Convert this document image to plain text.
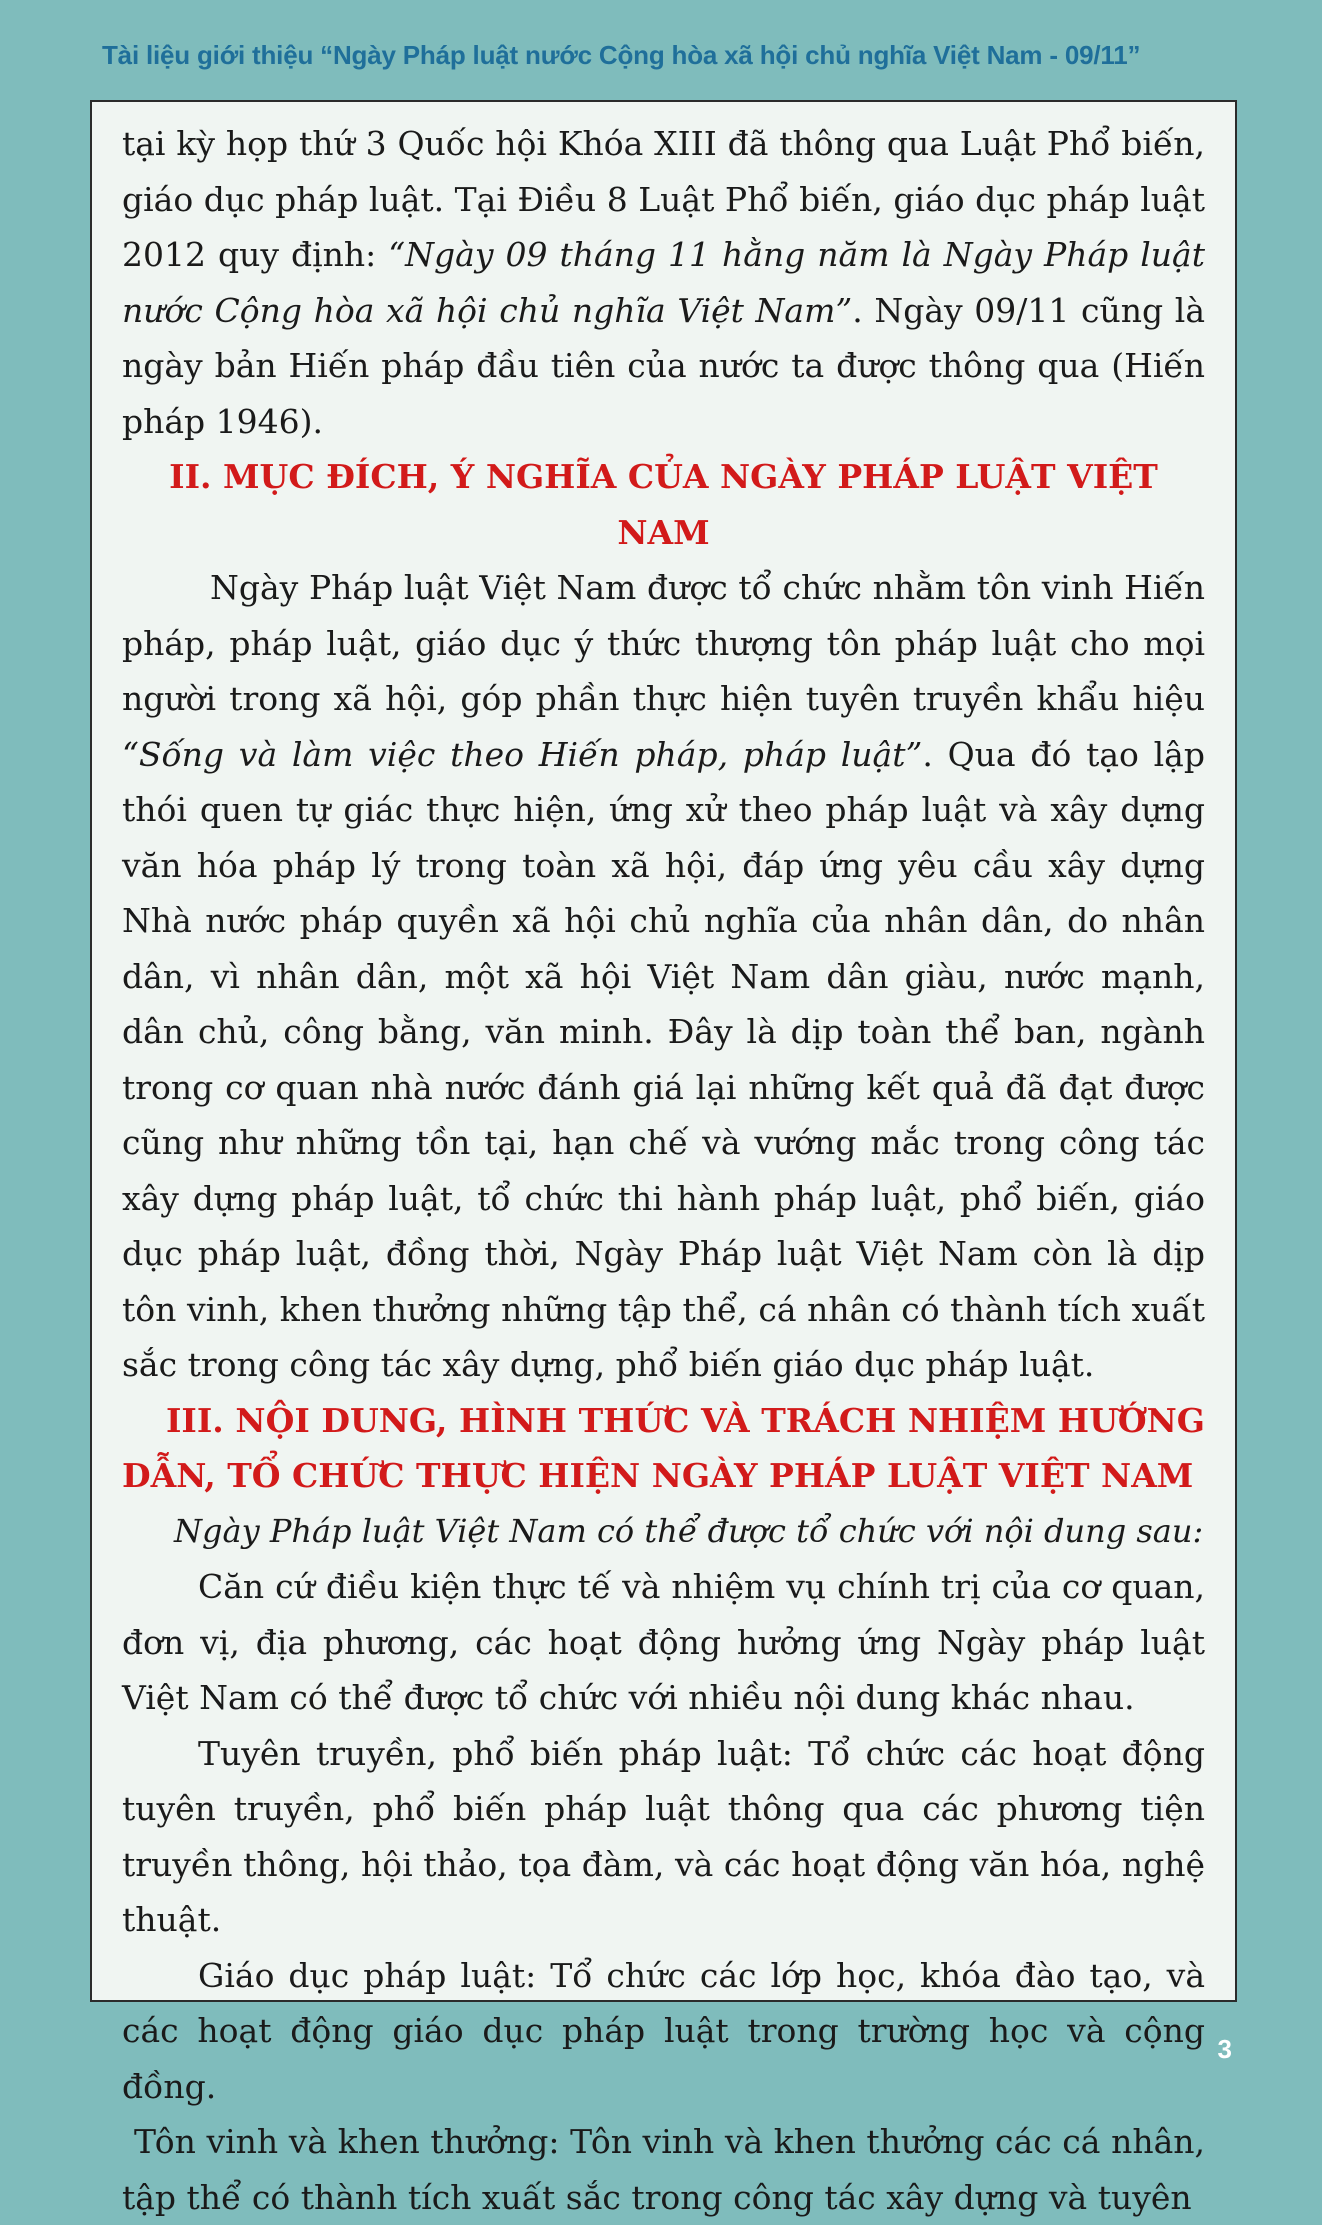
Tài liệu giới thiệu “Ngày Pháp luật nước Cộng hòa xã hội chủ nghĩa Việt Nam - 09/11”

tại kỳ họp thứ 3 Quốc hội Khóa XIII đã thông qua Luật Phổ biến, giáo dục pháp luật. Tại Điều 8 Luật Phổ biến, giáo dục pháp luật 2012 quy định: “Ngày 09 tháng 11 hằng năm là Ngày Pháp luật nước Cộng hòa xã hội chủ nghĩa Việt Nam”. Ngày 09/11 cũng là ngày bản Hiến pháp đầu tiên của nước ta được thông qua (Hiến pháp 1946).

II. MỤC ĐÍCH, Ý NGHĨA CỦA NGÀY PHÁP LUẬT VIỆT NAM

Ngày Pháp luật Việt Nam được tổ chức nhằm tôn vinh Hiến pháp, pháp luật, giáo dục ý thức thượng tôn pháp luật cho mọi người trong xã hội, góp phần thực hiện tuyên truyền khẩu hiệu “Sống và làm việc theo Hiến pháp, pháp luật”. Qua đó tạo lập thói quen tự giác thực hiện, ứng xử theo pháp luật và xây dựng văn hóa pháp lý trong toàn xã hội, đáp ứng yêu cầu xây dựng Nhà nước pháp quyền xã hội chủ nghĩa của nhân dân, do nhân dân, vì nhân dân, một xã hội Việt Nam dân giàu, nước mạnh, dân chủ, công bằng, văn minh. Đây là dịp toàn thể ban, ngành trong cơ quan nhà nước đánh giá lại những kết quả đã đạt được cũng như những tồn tại, hạn chế và vướng mắc trong công tác xây dựng pháp luật, tổ chức thi hành pháp luật, phổ biến, giáo dục pháp luật, đồng thời, Ngày Pháp luật Việt Nam còn là dịp tôn vinh, khen thưởng những tập thể, cá nhân có thành tích xuất sắc trong công tác xây dựng, phổ biến giáo dục pháp luật.

III. NỘI DUNG, HÌNH THỨC VÀ TRÁCH NHIỆM HƯỚNG DẪN, TỔ CHỨC THỰC HIỆN NGÀY PHÁP LUẬT VIỆT NAM

Ngày Pháp luật Việt Nam có thể được tổ chức với nội dung sau:

Căn cứ điều kiện thực tế và nhiệm vụ chính trị của cơ quan, đơn vị, địa phương, các hoạt động hưởng ứng Ngày pháp luật Việt Nam có thể được tổ chức với nhiều nội dung khác nhau.

Tuyên truyền, phổ biến pháp luật: Tổ chức các hoạt động tuyên truyền, phổ biến pháp luật thông qua các phương tiện truyền thông, hội thảo, tọa đàm, và các hoạt động văn hóa, nghệ thuật.

Giáo dục pháp luật: Tổ chức các lớp học, khóa đào tạo, và các hoạt động giáo dục pháp luật trong trường học và cộng đồng.

Tôn vinh và khen thưởng: Tôn vinh và khen thưởng các cá nhân, tập thể có thành tích xuất sắc trong công tác xây dựng và tuyên

3
